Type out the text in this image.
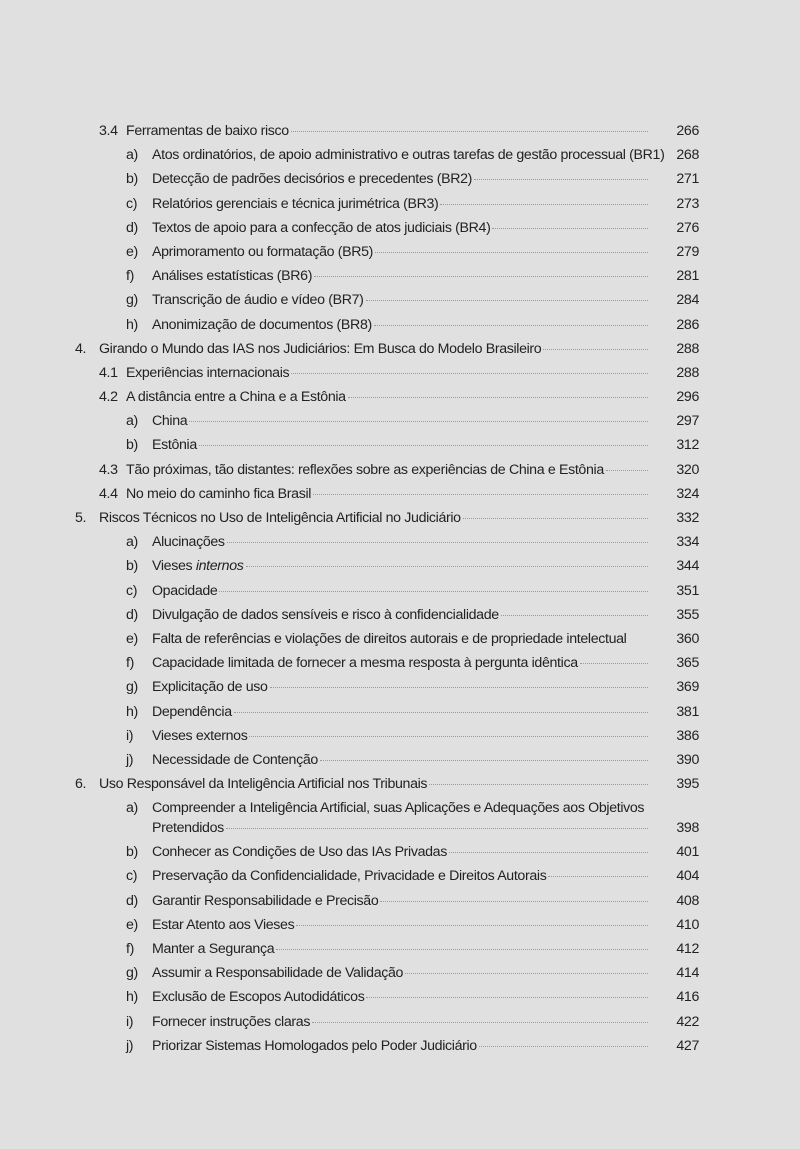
3.4 Ferramentas de baixo risco	266
a) Atos ordinatórios, de apoio administrativo e outras tarefas de gestão processual (BR1) 268
b) Detecção de padrões decisórios e precedentes (BR2)	271
c) Relatórios gerenciais e técnica jurimétrica (BR3)	273
d) Textos de apoio para a confecção de atos judiciais (BR4)	276
e) Aprimoramento ou formatação (BR5)	279
f) Análises estatísticas (BR6)	281
g) Transcrição de áudio e vídeo (BR7)	284
h) Anonimização de documentos (BR8)	286
4. Girando o Mundo das IAS nos Judiciários: Em Busca do Modelo Brasileiro	288
4.1 Experiências internacionais	288
4.2 A distância entre a China e a Estônia	296
a) China	297
b) Estônia	312
4.3 Tão próximas, tão distantes: reflexões sobre as experiências de China e Estônia	320
4.4 No meio do caminho fica Brasil	324
5. Riscos Técnicos no Uso de Inteligência Artificial no Judiciário	332
a) Alucinações	334
b) Vieses internos	344
c) Opacidade	351
d) Divulgação de dados sensíveis e risco à confidencialidade	355
e) Falta de referências e violações de direitos autorais e de propriedade intelectual	360
f) Capacidade limitada de fornecer a mesma resposta à pergunta idêntica	365
g) Explicitação de uso	369
h) Dependência	381
i) Vieses externos	386
j) Necessidade de Contenção	390
6. Uso Responsável da Inteligência Artificial nos Tribunais	395
a) Compreender a Inteligência Artificial, suas Aplicações e Adequações aos Objetivos
Pretendidos	398
b) Conhecer as Condições de Uso das IAs Privadas	401
c) Preservação da Confidencialidade, Privacidade e Direitos Autorais	404
d) Garantir Responsabilidade e Precisão	408
e) Estar Atento aos Vieses	410
f) Manter a Segurança	412
g) Assumir a Responsabilidade de Validação	414
h) Exclusão de Escopos Autodidáticos	416
i) Fornecer instruções claras	422
j) Priorizar Sistemas Homologados pelo Poder Judiciário	427
